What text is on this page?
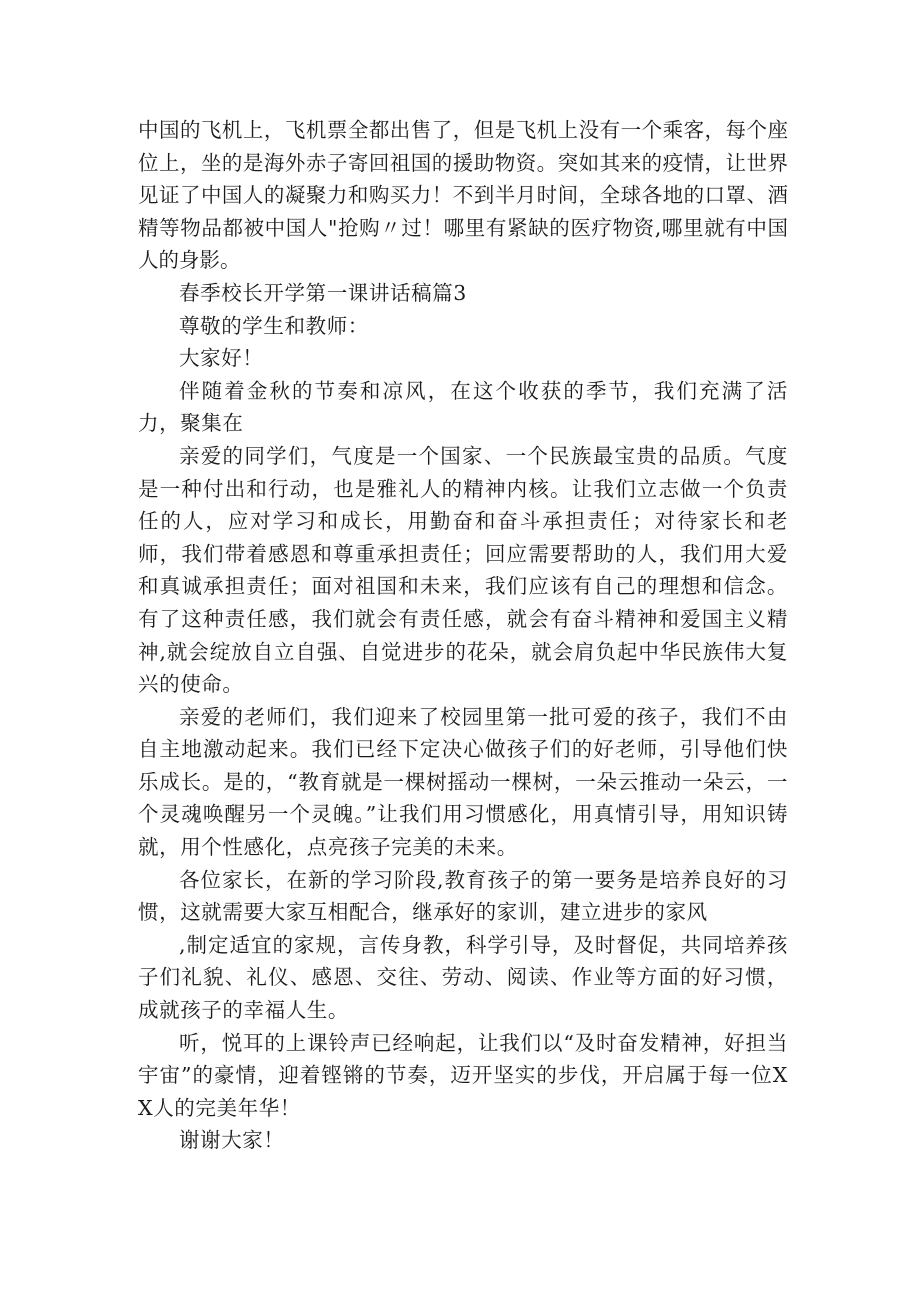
中国的飞机上，飞机票全都出售了，但是飞机上没有一个乘客，每个座位上，坐的是海外赤子寄回祖国的援助物资。突如其来的疫情，让世界见证了中国人的凝聚力和购买力！不到半月时间，全球各地的口罩、酒精等物品都被中国人"抢购〃过！哪里有紧缺的医疗物资,哪里就有中国人的身影。

春季校长开学第一课讲话稿篇3

尊敬的学生和教师：

大家好！

伴随着金秋的节奏和凉风，在这个收获的季节，我们充满了活力，聚集在

亲爱的同学们，气度是一个国家、一个民族最宝贵的品质。气度是一种付出和行动，也是雅礼人的精神内核。让我们立志做一个负责任的人，应对学习和成长，用勤奋和奋斗承担责任；对待家长和老师，我们带着感恩和尊重承担责任；回应需要帮助的人，我们用大爱和真诚承担责任；面对祖国和未来，我们应该有自己的理想和信念。有了这种责任感，我们就会有责任感，就会有奋斗精神和爱国主义精神,就会绽放自立自强、自觉进步的花朵，就会肩负起中华民族伟大复兴的使命。

亲爱的老师们，我们迎来了校园里第一批可爱的孩子，我们不由自主地激动起来。我们已经下定决心做孩子们的好老师，引导他们快乐成长。是的，“教育就是一棵树摇动一棵树，一朵云推动一朵云，一个灵魂唤醒另一个灵魄。”让我们用习惯感化，用真情引导，用知识铸就，用个性感化，点亮孩子完美的未来。

各位家长，在新的学习阶段,教育孩子的第一要务是培养良好的习惯，这就需要大家互相配合，继承好的家训，建立进步的家风

,制定适宜的家规，言传身教，科学引导，及时督促，共同培养孩子们礼貌、礼仪、感恩、交往、劳动、阅读、作业等方面的好习惯，成就孩子的幸福人生。

听，悦耳的上课铃声已经响起，让我们以“及时奋发精神，好担当宇宙”的豪情，迎着铿锵的节奏，迈开坚实的步伐，开启属于每一位XX人的完美年华！

谢谢大家！
